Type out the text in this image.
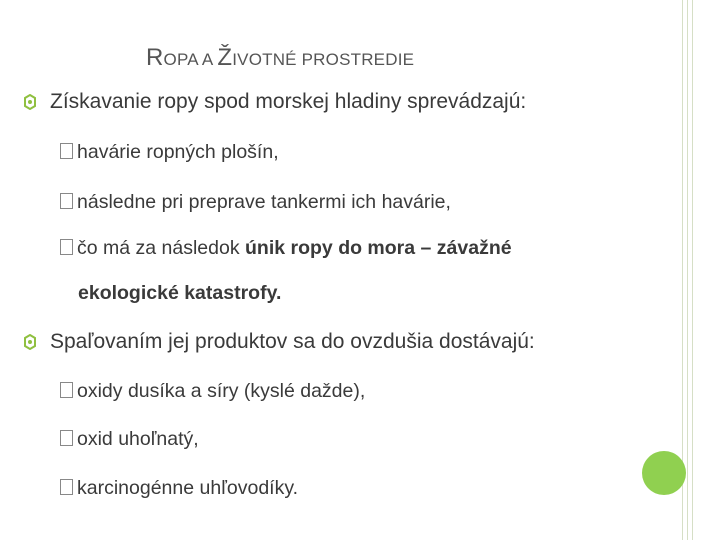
ROPA A ŽIVOTNÉ PROSTREDIE
Získavanie ropy spod morskej hladiny sprevádzajú:
havárie ropných plošín,
následne pri preprave tankermi ich havárie,
čo má za následok únik ropy do mora – závažné
ekologické katastrofy.
Spaľovaním jej produktov sa do ovzdušia dostávajú:
oxidy dusíka a síry (kyslé dažde),
oxid uhoľnatý,
karcinogénne uhľovodíky.
